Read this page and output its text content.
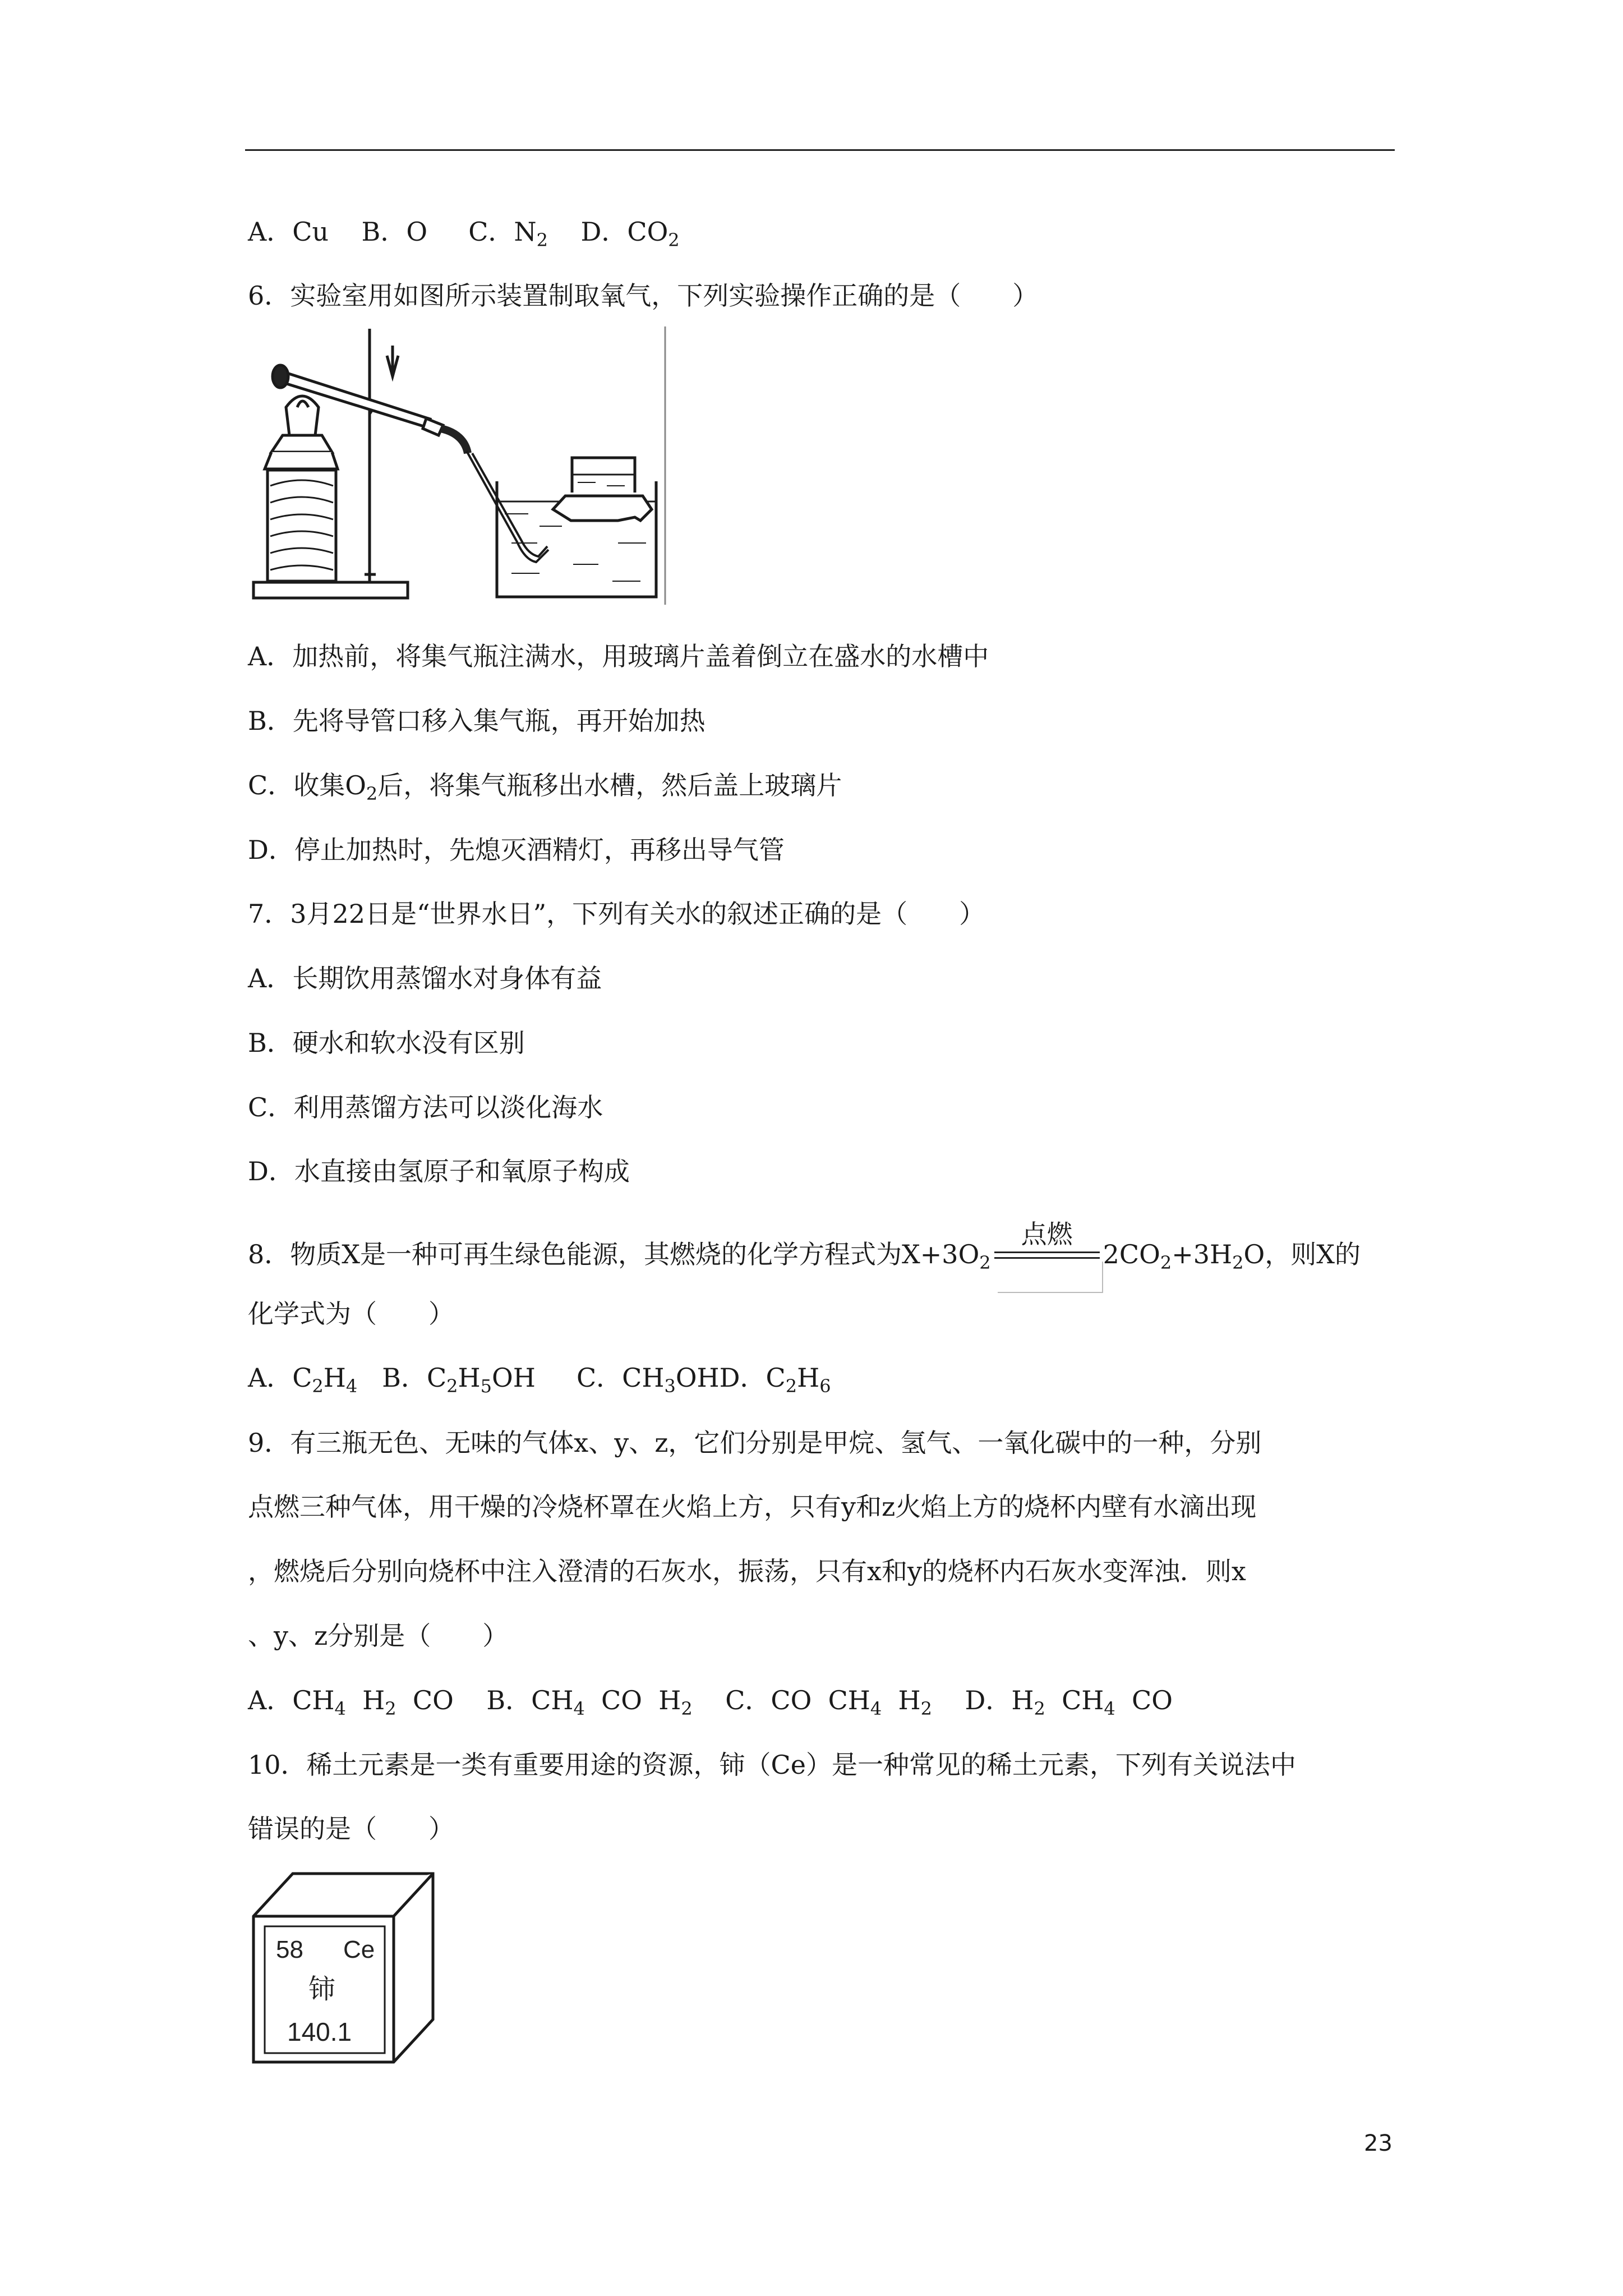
A．Cu B．O C．$N_2$ D．$CO_2$
6．实验室用如图所示装置制取氧气，下列实验操作正确的是（　　）
A．加热前，将集气瓶注满水，用玻璃片盖着倒立在盛水的水槽中
B．先将导管口移入集气瓶，再开始加热
C．收集$O_2$后，将集气瓶移出水槽，然后盖上玻璃片
D．停止加热时，先熄灭酒精灯，再移出导气管
7．3月22日是“世界水日”，下列有关水的叙述正确的是（　　）
A．长期饮用蒸馏水对身体有益
B．硬水和软水没有区别
C．利用蒸馏方法可以淡化海水
D．水直接由氢原子和氧原子构成
8．物质X是一种可再生绿色能源，其燃烧的化学方程式为$X+3O_2$
点燃
$2CO_2+3H_2O$，则X的
化学式为（　　）
A．$C_2H_4$ B．$C_2H_5OH$ C．$CH_3OHD$．$C_2H_6$
9．有三瓶无色、无味的气体x、y、z，它们分别是甲烷、氢气、一氧化碳中的一种，分别
点燃三种气体，用干燥的冷烧杯罩在火焰上方，只有y和z火焰上方的烧杯内壁有水滴出现
，燃烧后分别向烧杯中注入澄清的石灰水，振荡，只有x和y的烧杯内石灰水变浑浊．则x
、y、z分别是（　　）
A．$CH_4$ $H_2$ CO B．$CH_4$ CO $H_2$ C．CO $CH_4$ $H_2$ D．$H_2$ $CH_4$ CO
10．稀土元素是一类有重要用途的资源，铈（Ce）是一种常见的稀土元素，下列有关说法中
错误的是（　　）
58 Ce
铈
140.1
23
